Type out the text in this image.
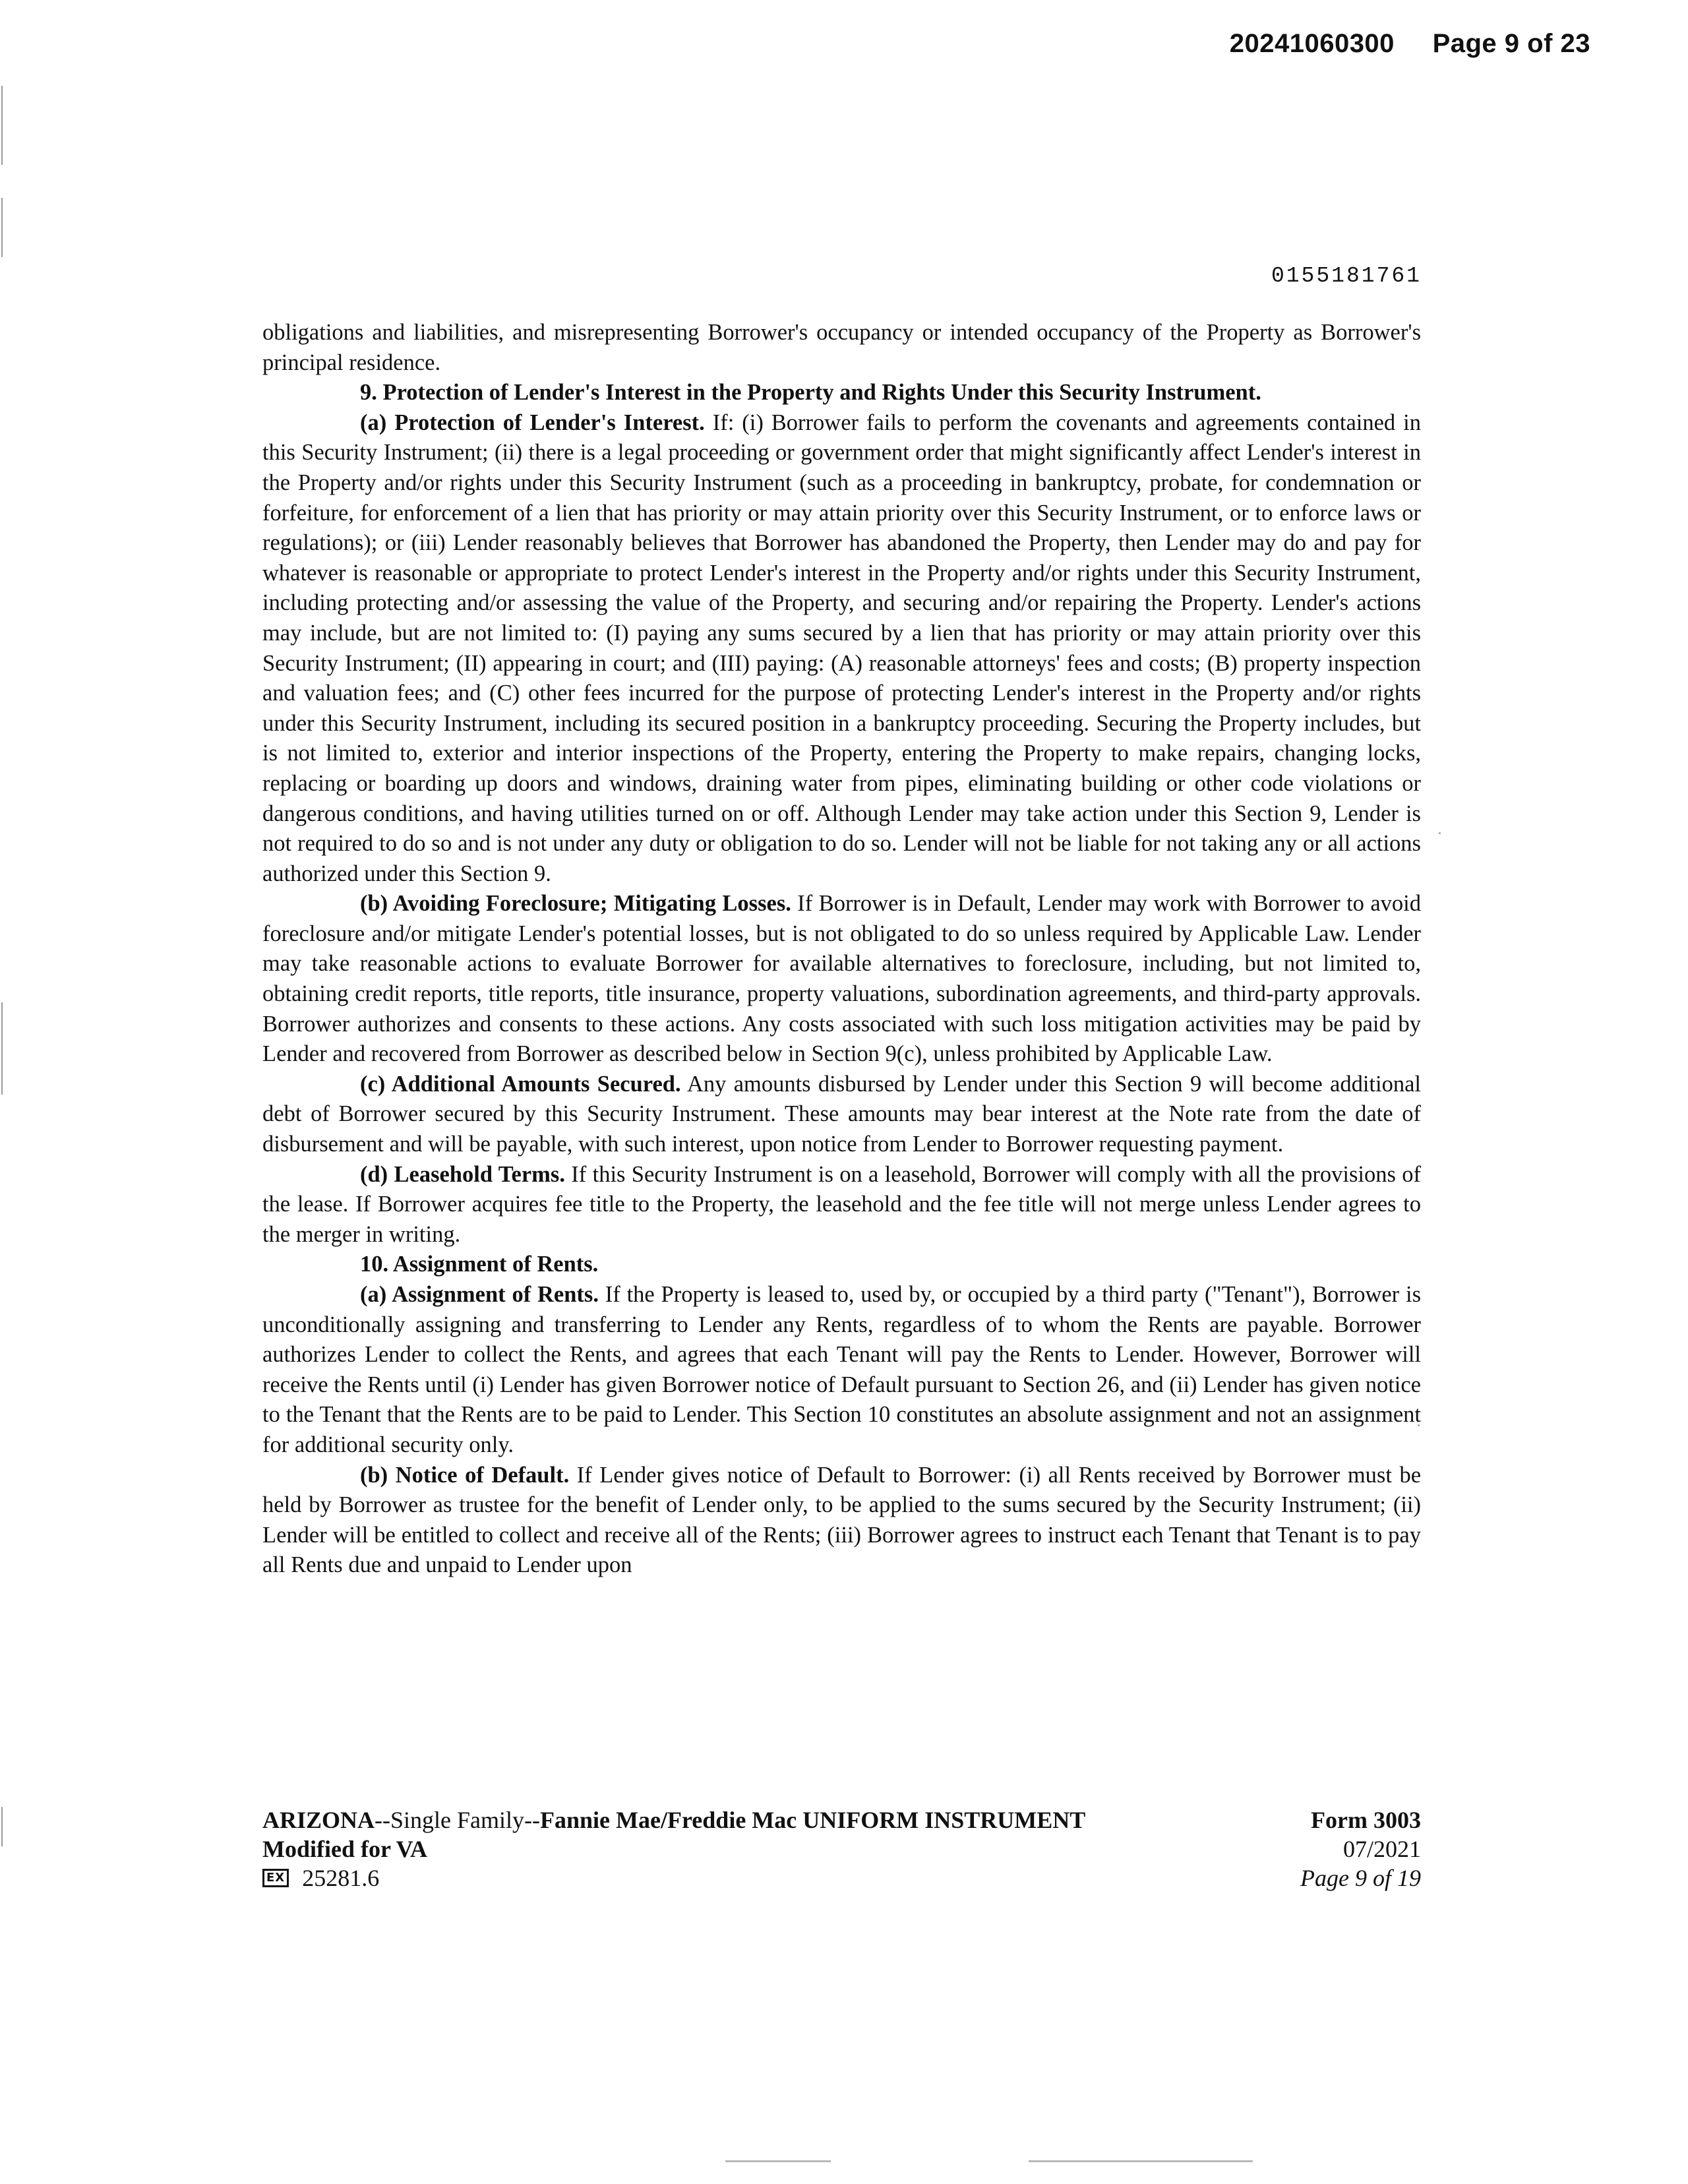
20241060300 Page 9 of 23
0155181761

obligations and liabilities, and misrepresenting Borrower's occupancy or intended occupancy of the Property as Borrower's principal residence.

9. Protection of Lender's Interest in the Property and Rights Under this Security Instrument.

(a) Protection of Lender's Interest. If: (i) Borrower fails to perform the covenants and agreements contained in this Security Instrument; (ii) there is a legal proceeding or government order that might significantly affect Lender's interest in the Property and/or rights under this Security Instrument (such as a proceeding in bankruptcy, probate, for condemnation or forfeiture, for enforcement of a lien that has priority or may attain priority over this Security Instrument, or to enforce laws or regulations); or (iii) Lender reasonably believes that Borrower has abandoned the Property, then Lender may do and pay for whatever is reasonable or appropriate to protect Lender's interest in the Property and/or rights under this Security Instrument, including protecting and/or assessing the value of the Property, and securing and/or repairing the Property. Lender's actions may include, but are not limited to: (I) paying any sums secured by a lien that has priority or may attain priority over this Security Instrument; (II) appearing in court; and (III) paying: (A) reasonable attorneys' fees and costs; (B) property inspection and valuation fees; and (C) other fees incurred for the purpose of protecting Lender's interest in the Property and/or rights under this Security Instrument, including its secured position in a bankruptcy proceeding. Securing the Property includes, but is not limited to, exterior and interior inspections of the Property, entering the Property to make repairs, changing locks, replacing or boarding up doors and windows, draining water from pipes, eliminating building or other code violations or dangerous conditions, and having utilities turned on or off. Although Lender may take action under this Section 9, Lender is not required to do so and is not under any duty or obligation to do so. Lender will not be liable for not taking any or all actions authorized under this Section 9.

(b) Avoiding Foreclosure; Mitigating Losses. If Borrower is in Default, Lender may work with Borrower to avoid foreclosure and/or mitigate Lender's potential losses, but is not obligated to do so unless required by Applicable Law. Lender may take reasonable actions to evaluate Borrower for available alternatives to foreclosure, including, but not limited to, obtaining credit reports, title reports, title insurance, property valuations, subordination agreements, and third-party approvals. Borrower authorizes and consents to these actions. Any costs associated with such loss mitigation activities may be paid by Lender and recovered from Borrower as described below in Section 9(c), unless prohibited by Applicable Law.

(c) Additional Amounts Secured. Any amounts disbursed by Lender under this Section 9 will become additional debt of Borrower secured by this Security Instrument. These amounts may bear interest at the Note rate from the date of disbursement and will be payable, with such interest, upon notice from Lender to Borrower requesting payment.

(d) Leasehold Terms. If this Security Instrument is on a leasehold, Borrower will comply with all the provisions of the lease. If Borrower acquires fee title to the Property, the leasehold and the fee title will not merge unless Lender agrees to the merger in writing.

10. Assignment of Rents.

(a) Assignment of Rents. If the Property is leased to, used by, or occupied by a third party ("Tenant"), Borrower is unconditionally assigning and transferring to Lender any Rents, regardless of to whom the Rents are payable. Borrower authorizes Lender to collect the Rents, and agrees that each Tenant will pay the Rents to Lender. However, Borrower will receive the Rents until (i) Lender has given Borrower notice of Default pursuant to Section 26, and (ii) Lender has given notice to the Tenant that the Rents are to be paid to Lender. This Section 10 constitutes an absolute assignment and not an assignment for additional security only.

(b) Notice of Default. If Lender gives notice of Default to Borrower: (i) all Rents received by Borrower must be held by Borrower as trustee for the benefit of Lender only, to be applied to the sums secured by the Security Instrument; (ii) Lender will be entitled to collect and receive all of the Rents; (iii) Borrower agrees to instruct each Tenant that Tenant is to pay all Rents due and unpaid to Lender upon

ARIZONA--Single Family--Fannie Mae/Freddie Mac UNIFORM INSTRUMENT
Modified for VA
EX 25281.6
Form 3003
07/2021
Page 9 of 19
